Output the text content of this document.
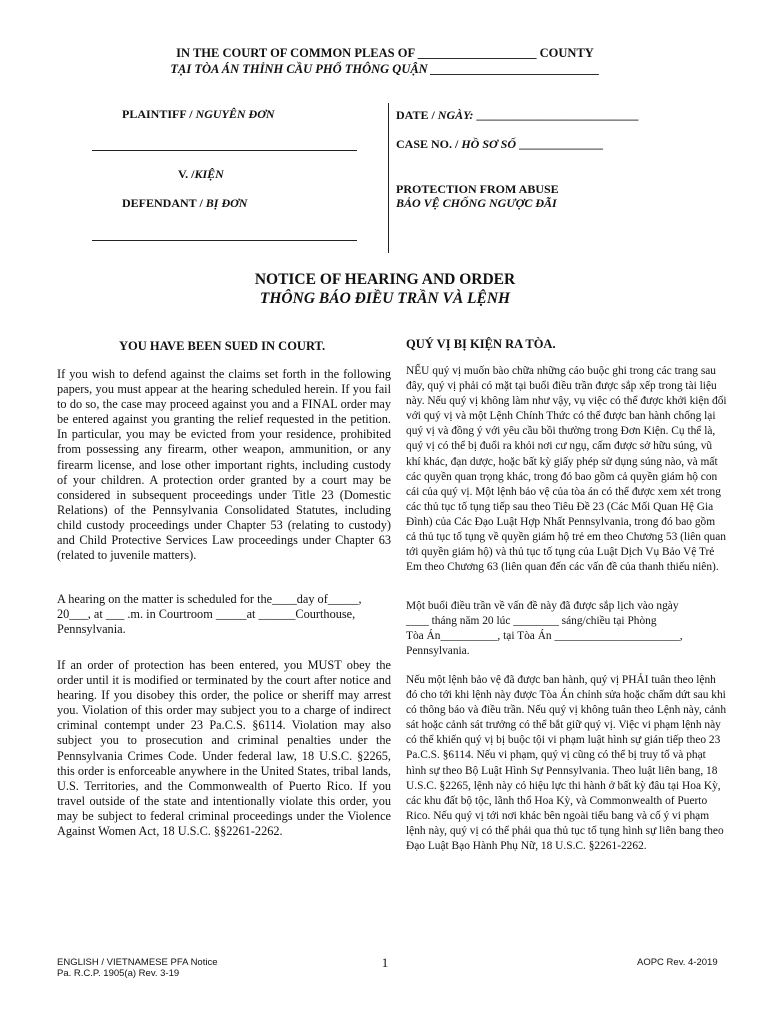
IN THE COURT OF COMMON PLEAS OF ___________________ COUNTY
TẠI TÒA ÁN THỈNH CẦU PHỔ THÔNG QUẬN ___________________________
PLAINTIFF / NGUYÊN ĐƠN
V. /KIỆN
DEFENDANT / BỊ ĐƠN
DATE / NGÀY: ___________________________
CASE NO. / HỒ SƠ SỐ ______________
PROTECTION FROM ABUSE
BẢO VỆ CHỐNG NGƯỢC ĐÃI
NOTICE OF HEARING AND ORDER
THÔNG BÁO ĐIỀU TRẦN VÀ LỆNH
YOU HAVE BEEN SUED IN COURT.
If you wish to defend against the claims set forth in the following papers, you must appear at the hearing scheduled herein. If you fail to do so, the case may proceed against you and a FINAL order may be entered against you granting the relief requested in the petition. In particular, you may be evicted from your residence, prohibited from possessing any firearm, other weapon, ammunition, or any firearm license, and lose other important rights, including custody of your children. A protection order granted by a court may be considered in subsequent proceedings under Title 23 (Domestic Relations) of the Pennsylvania Consolidated Statutes, including child custody proceedings under Chapter 53 (relating to custody) and Child Protective Services Law proceedings under Chapter 63 (related to juvenile matters).
A hearing on the matter is scheduled for the____day of_____,
20___, at ___ .m. in Courtroom _____at ______Courthouse,
Pennsylvania.
If an order of protection has been entered, you MUST obey the order until it is modified or terminated by the court after notice and hearing. If you disobey this order, the police or sheriff may arrest you. Violation of this order may subject you to a charge of indirect criminal contempt under 23 Pa.C.S. §6114. Violation may also subject you to prosecution and criminal penalties under the Pennsylvania Crimes Code. Under federal law, 18 U.S.C. §2265, this order is enforceable anywhere in the United States, tribal lands, U.S. Territories, and the Commonwealth of Puerto Rico. If you travel outside of the state and intentionally violate this order, you may be subject to federal criminal proceedings under the Violence Against Women Act, 18 U.S.C. §§2261-2262.
QUÝ VỊ BỊ KIỆN RA TÒA.
NẾU quý vị muốn bào chữa những cáo buộc ghi trong các trang sau đây, quý vị phải có mặt tại buổi điều trần được sắp xếp trong tài liệu này. Nếu quý vị không làm như vậy, vụ việc có thể được khởi kiện đối với quý vị và một Lệnh Chính Thức có thể được ban hành chống lại quý vị và đồng ý với yêu cầu bồi thường trong Đơn Kiện. Cụ thể là, quý vị có thể bị đuổi ra khỏi nơi cư ngụ, cấm được sở hữu súng, vũ khí khác, đạn dược, hoặc bất kỳ giấy phép sử dụng súng nào, và mất các quyền quan trọng khác, trong đó bao gồm cả quyền giám hộ con cái của quý vị. Một lệnh bảo vệ của tòa án có thể được xem xét trong các thủ tục tố tụng tiếp sau theo Tiêu Đề 23 (Các Mối Quan Hệ Gia Đình) của Các Đạo Luật Hợp Nhất Pennsylvania, trong đó bao gồm cả thủ tục tố tụng về quyền giám hộ trẻ em theo Chương 53 (liên quan tới quyền giám hộ) và thủ tục tố tụng của Luật Dịch Vụ Bảo Vệ Trẻ Em theo Chương 63 (liên quan đến các vấn đề của thanh thiếu niên).
Một buổi điều trần về vấn đề này đã được sắp lịch vào ngày
____ tháng năm 20 lúc ________ sáng/chiều tại Phòng
Tòa Án__________, tại Tòa Án ______________________,
Pennsylvania.
Nếu một lệnh bảo vệ đã được ban hành, quý vị PHẢI tuân theo lệnh đó cho tới khi lệnh này được Tòa Án chỉnh sửa hoặc chấm dứt sau khi có thông báo và điều trần. Nếu quý vị không tuân theo Lệnh này, cảnh sát hoặc cảnh sát trưởng có thể bắt giữ quý vị. Việc vi phạm lệnh này có thể khiến quý vị bị buộc tội vi phạm luật hình sự gián tiếp theo 23 Pa.C.S. §6114. Nếu vi phạm, quý vị cũng có thể bị truy tố và phạt hình sự theo Bộ Luật Hình Sự Pennsylvania. Theo luật liên bang, 18 U.S.C. §2265, lệnh này có hiệu lực thi hành ở bất kỳ đâu tại Hoa Kỳ, các khu đất bộ tộc, lãnh thổ Hoa Kỳ, và Commonwealth of Puerto Rico. Nếu quý vị tới nơi khác bên ngoài tiểu bang và cố ý vi phạm lệnh này, quý vị có thể phải qua thủ tục tố tụng hình sự liên bang theo Đạo Luật Bạo Hành Phụ Nữ, 18 U.S.C. §2261-2262.
ENGLISH / VIETNAMESE PFA Notice
Pa. R.C.P. 1905(a) Rev. 3-19
1	AOPC Rev. 4-2019
